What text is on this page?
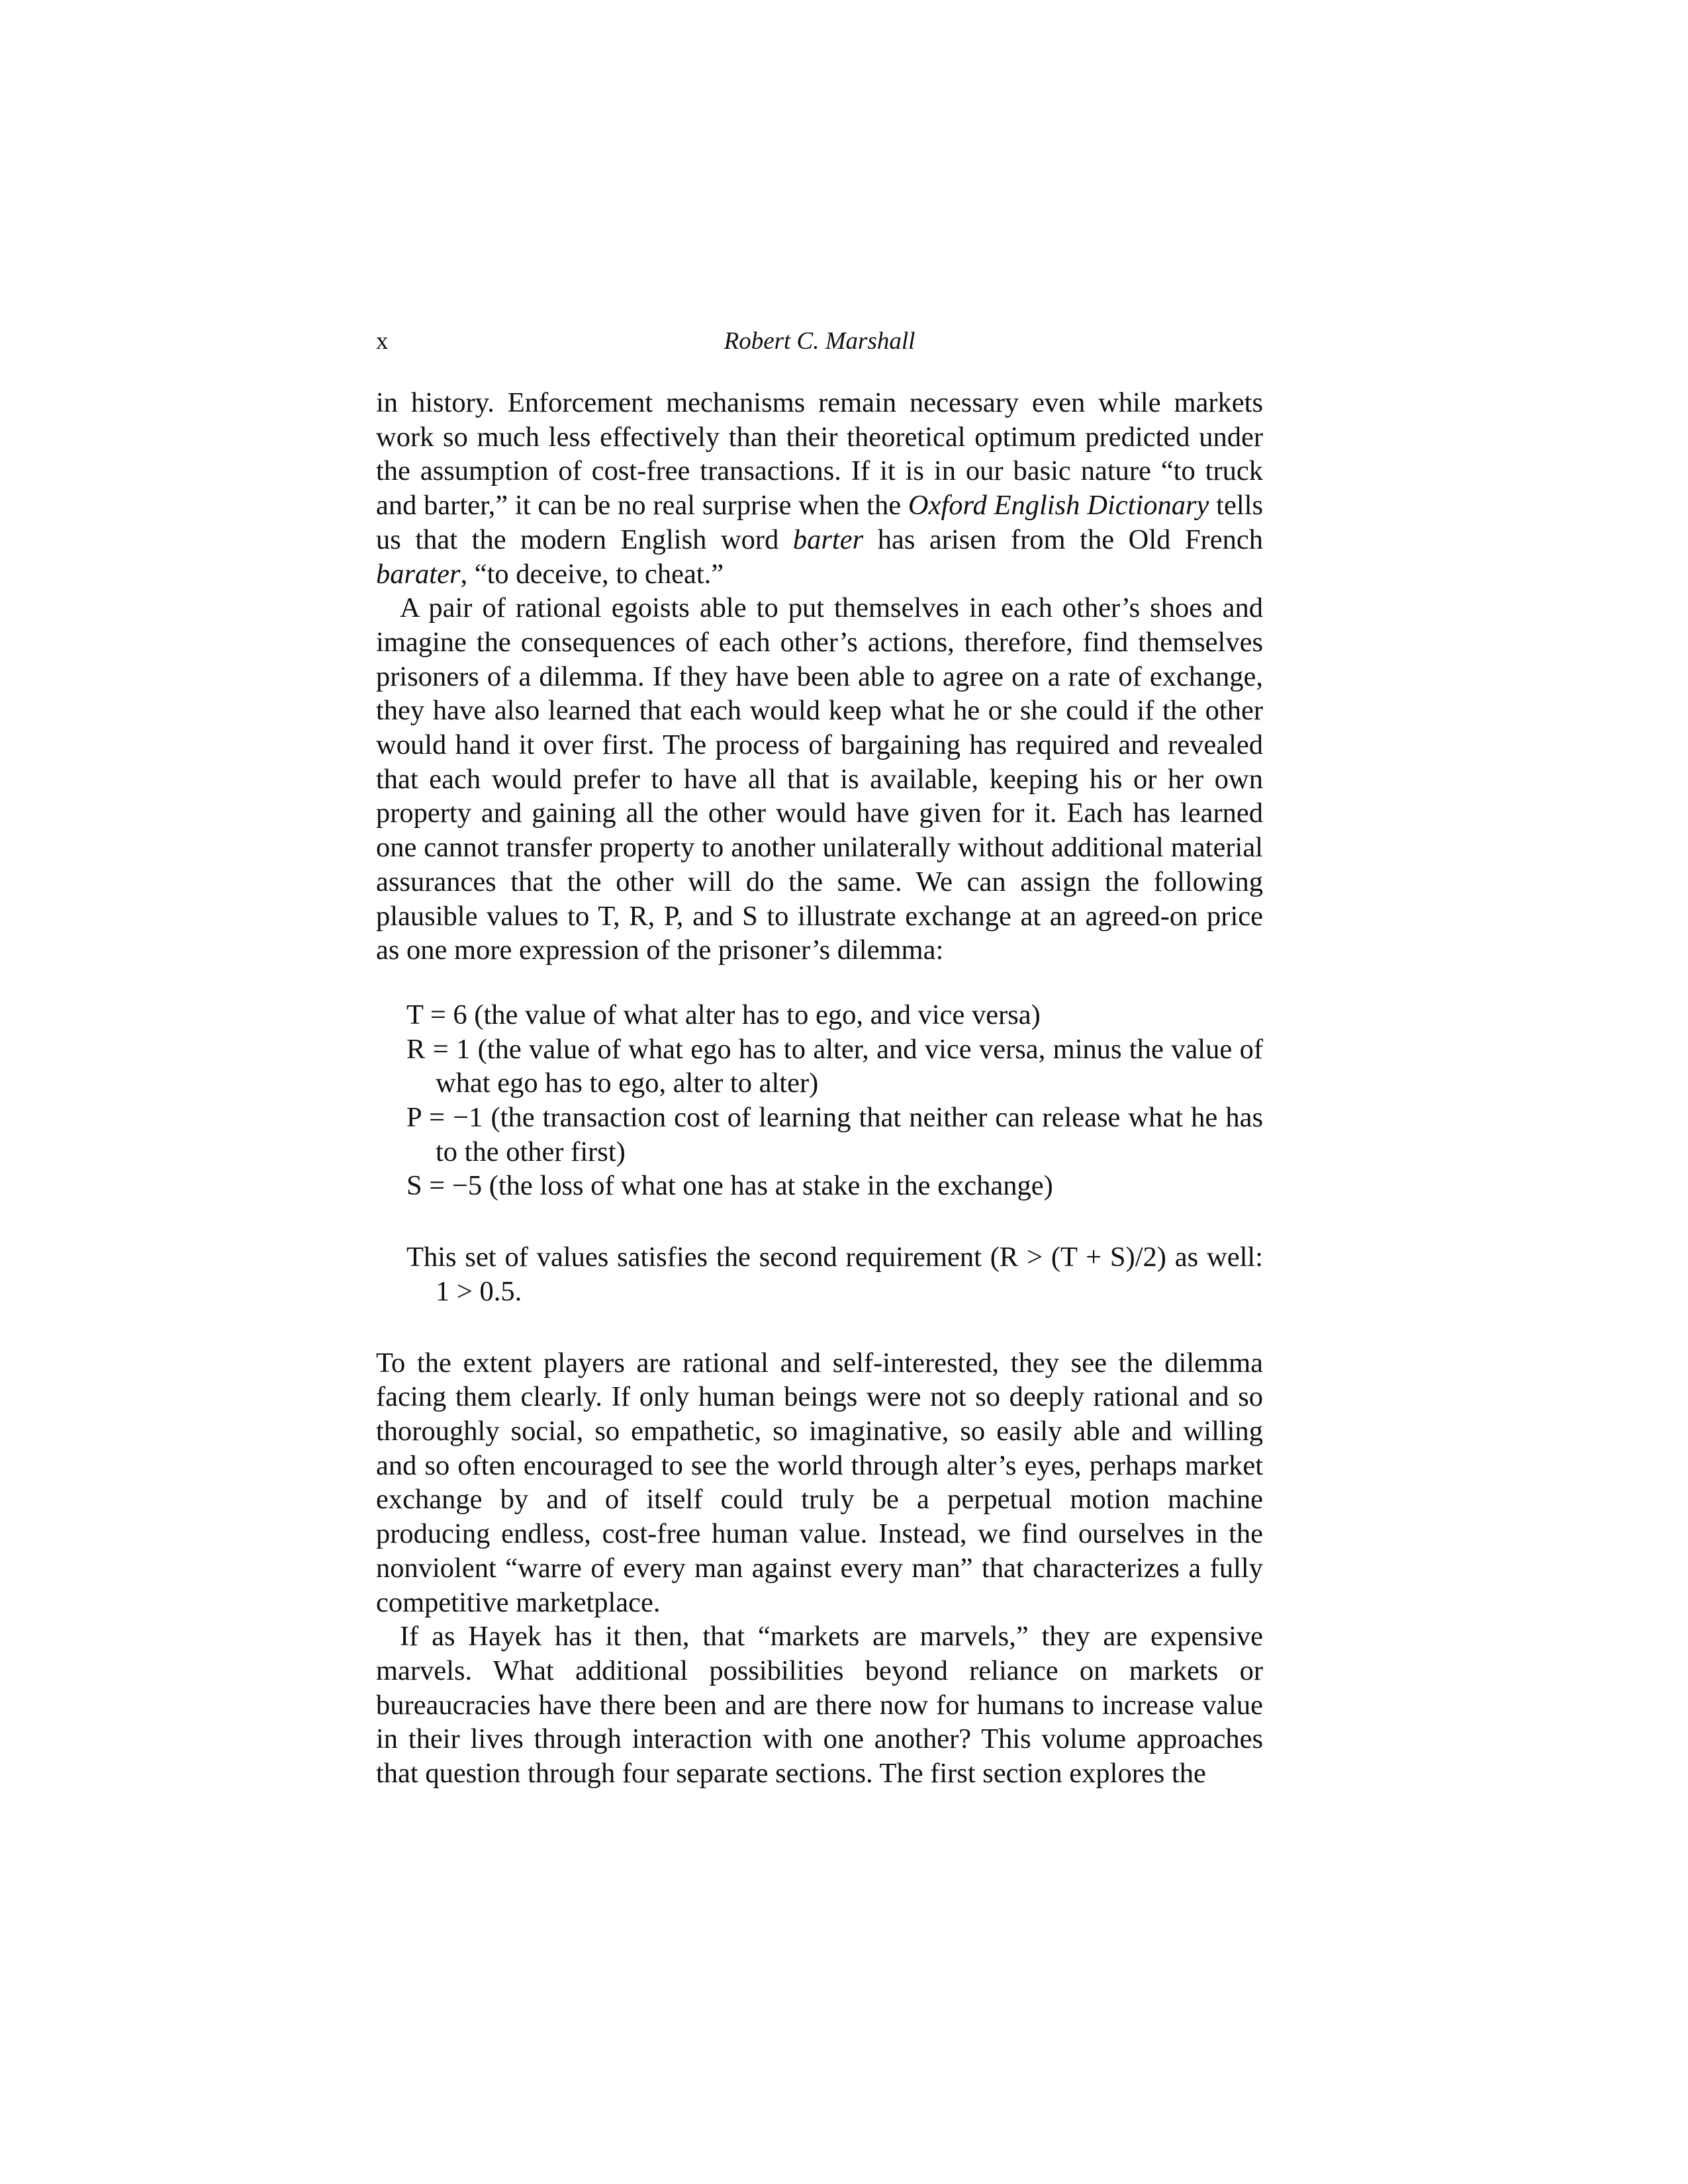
x	Robert C. Marshall

in history. Enforcement mechanisms remain necessary even while markets work so much less effectively than their theoretical optimum predicted under the assumption of cost-free transactions. If it is in our basic nature “to truck and barter,” it can be no real surprise when the Oxford English Dictionary tells us that the modern English word barter has arisen from the Old French barater, “to deceive, to cheat.”

A pair of rational egoists able to put themselves in each other’s shoes and imagine the consequences of each other’s actions, therefore, find themselves prisoners of a dilemma. If they have been able to agree on a rate of exchange, they have also learned that each would keep what he or she could if the other would hand it over first. The process of bargaining has required and revealed that each would prefer to have all that is available, keeping his or her own property and gaining all the other would have given for it. Each has learned one cannot transfer property to another unilaterally without additional material assurances that the other will do the same. We can assign the following plausible values to T, R, P, and S to illustrate exchange at an agreed-on price as one more expression of the prisoner’s dilemma:

T = 6 (the value of what alter has to ego, and vice versa)
R = 1 (the value of what ego has to alter, and vice versa, minus the value of what ego has to ego, alter to alter)
P = −1 (the transaction cost of learning that neither can release what he has to the other first)
S = −5 (the loss of what one has at stake in the exchange)

This set of values satisfies the second requirement (R > (T + S)/2) as well: 1 > 0.5.

To the extent players are rational and self-interested, they see the dilemma facing them clearly. If only human beings were not so deeply rational and so thoroughly social, so empathetic, so imaginative, so easily able and willing and so often encouraged to see the world through alter’s eyes, perhaps market exchange by and of itself could truly be a perpetual motion machine producing endless, cost-free human value. Instead, we find ourselves in the nonviolent “warre of every man against every man” that characterizes a fully competitive marketplace.

If as Hayek has it then, that “markets are marvels,” they are expensive marvels. What additional possibilities beyond reliance on markets or bureaucracies have there been and are there now for humans to increase value in their lives through interaction with one another? This volume approaches that question through four separate sections. The first section explores the
